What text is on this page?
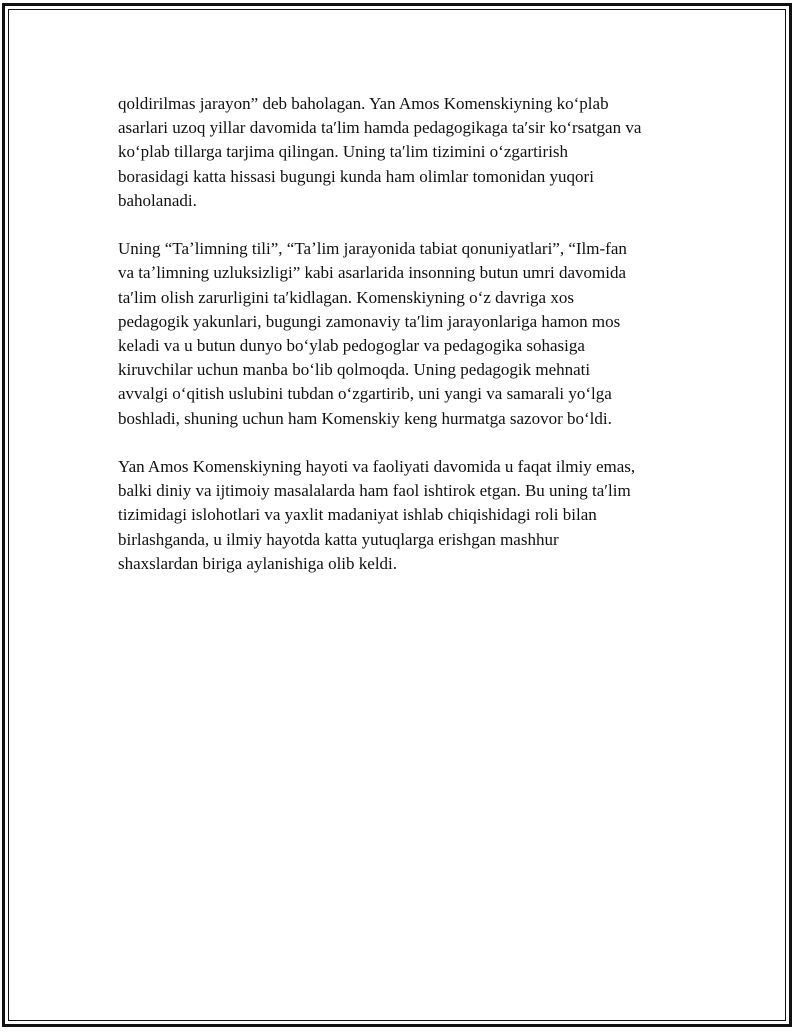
qoldirilmas jarayon” deb baholagan. Yan Amos Komenskiyning koʻplab
asarlari uzoq yillar davomida taʹlim hamda pedagogikaga taʹsir koʻrsatgan va
koʻplab tillarga tarjima qilingan. Uning taʹlim tizimini oʻzgartirish
borasidagi katta hissasi bugungi kunda ham olimlar tomonidan yuqori
baholanadi.

Uning “Taʼlimning tili”, “Taʼlim jarayonida tabiat qonuniyatlari”, “Ilm-fan
va taʼlimning uzluksizligi” kabi asarlarida insonning butun umri davomida
taʹlim olish zarurligini taʹkidlagan. Komenskiyning oʻz davriga xos
pedagogik yakunlari, bugungi zamonaviy taʹlim jarayonlariga hamon mos
keladi va u butun dunyo boʻylab pedogoglar va pedagogika sohasiga
kiruvchilar uchun manba boʻlib qolmoqda. Uning pedagogik mehnati
avvalgi oʻqitish uslubini tubdan oʻzgartirib, uni yangi va samarali yoʻlga
boshladi, shuning uchun ham Komenskiy keng hurmatga sazovor boʻldi.

Yan Amos Komenskiyning hayoti va faoliyati davomida u faqat ilmiy emas,
balki diniy va ijtimoiy masalalarda ham faol ishtirok etgan. Bu uning taʹlim
tizimidagi islohotlari va yaxlit madaniyat ishlab chiqishidagi roli bilan
birlashganda, u ilmiy hayotda katta yutuqlarga erishgan mashhur
shaxslardan biriga aylanishiga olib keldi.
